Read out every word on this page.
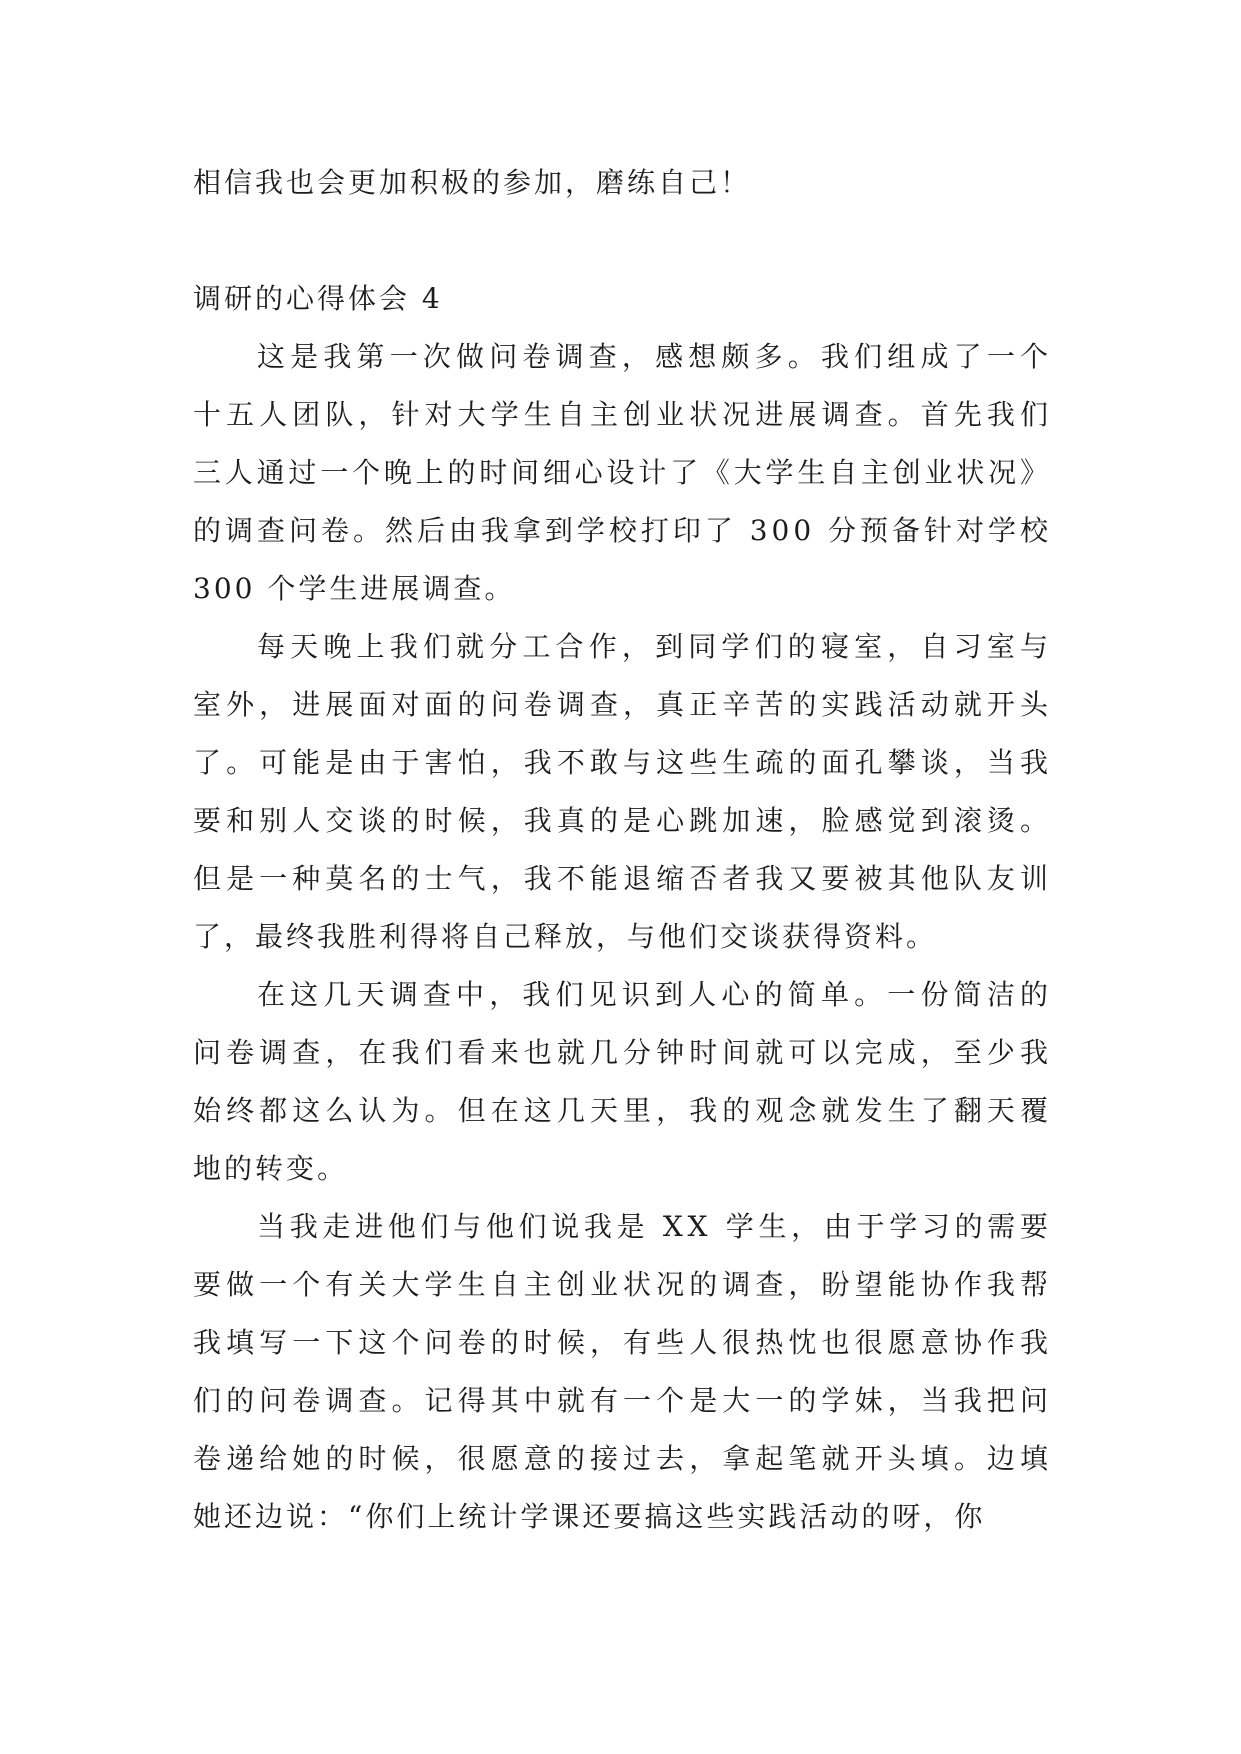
相信我也会更加积极的参加，磨练自己！
调研的心得体会 4
这是我第一次做问卷调查，感想颇多。我们组成了一个
十五人团队，针对大学生自主创业状况进展调查。首先我们
三人通过一个晚上的时间细心设计了《大学生自主创业状况》
的调查问卷。然后由我拿到学校打印了 300 分预备针对学校
300 个学生进展调查。
每天晚上我们就分工合作，到同学们的寝室，自习室与
室外，进展面对面的问卷调查，真正辛苦的实践活动就开头
了。可能是由于害怕，我不敢与这些生疏的面孔攀谈，当我
要和别人交谈的时候，我真的是心跳加速，脸感觉到滚烫。
但是一种莫名的士气，我不能退缩否者我又要被其他队友训
了，最终我胜利得将自己释放，与他们交谈获得资料。
在这几天调查中，我们见识到人心的简单。一份简洁的
问卷调查，在我们看来也就几分钟时间就可以完成，至少我
始终都这么认为。但在这几天里，我的观念就发生了翻天覆
地的转变。
当我走进他们与他们说我是 XX 学生，由于学习的需要
要做一个有关大学生自主创业状况的调查，盼望能协作我帮
我填写一下这个问卷的时候，有些人很热忱也很愿意协作我
们的问卷调查。记得其中就有一个是大一的学妹，当我把问
卷递给她的时候，很愿意的接过去，拿起笔就开头填。边填
她还边说：“你们上统计学课还要搞这些实践活动的呀，你
